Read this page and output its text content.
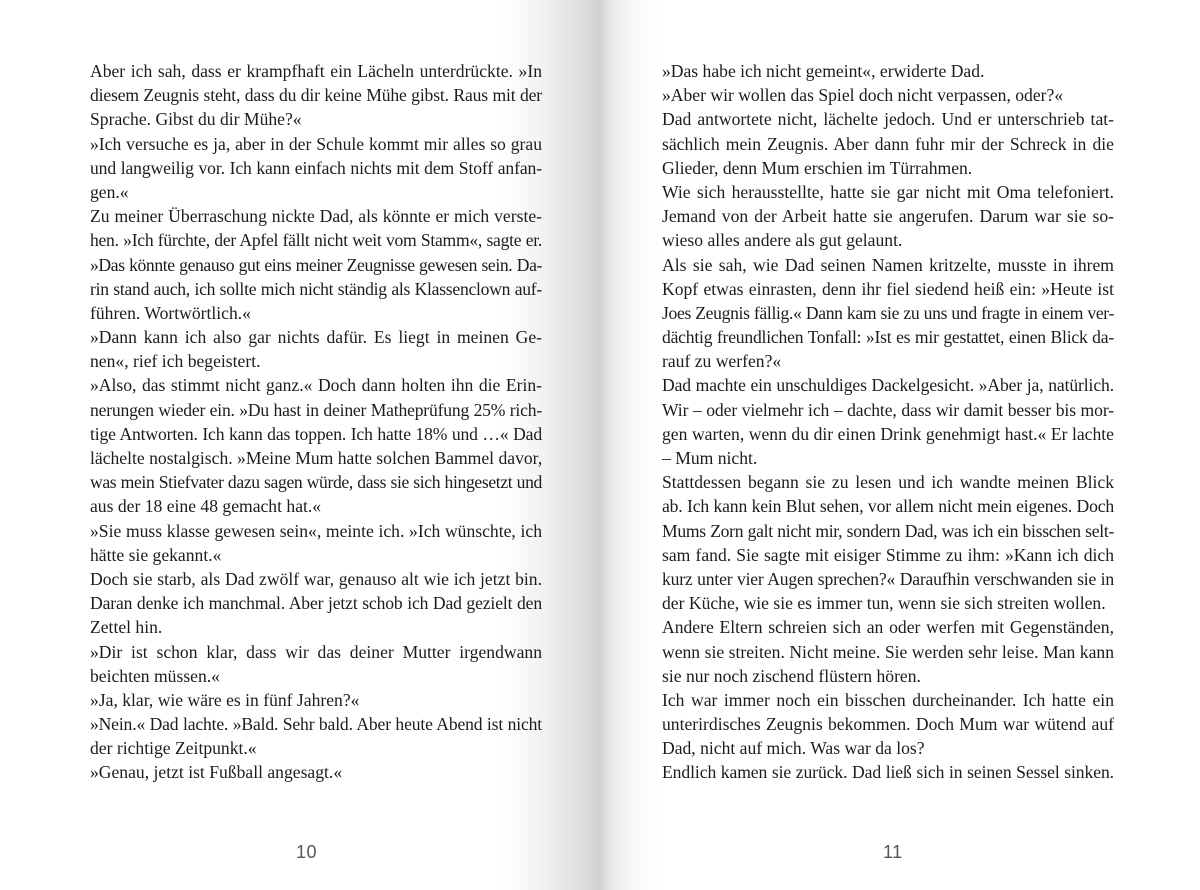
Aber ich sah, dass er krampfhaft ein Lächeln unterdrückte. »In
diesem Zeugnis steht, dass du dir keine Mühe gibst. Raus mit der
Sprache. Gibst du dir Mühe?«
»Ich versuche es ja, aber in der Schule kommt mir alles so grau
und langweilig vor. Ich kann einfach nichts mit dem Stoff anfan-
gen.«
Zu meiner Überraschung nickte Dad, als könnte er mich verste-
hen. »Ich fürchte, der Apfel fällt nicht weit vom Stamm«, sagte er.
»Das könnte genauso gut eins meiner Zeugnisse gewesen sein. Da-
rin stand auch, ich sollte mich nicht ständig als Klassenclown auf-
führen. Wortwörtlich.«
»Dann kann ich also gar nichts dafür. Es liegt in meinen Ge-
nen«, rief ich begeistert.
»Also, das stimmt nicht ganz.« Doch dann holten ihn die Erin-
nerungen wieder ein. »Du hast in deiner Matheprüfung 25% rich-
tige Antworten. Ich kann das toppen. Ich hatte 18% und …« Dad
lächelte nostalgisch. »Meine Mum hatte solchen Bammel davor,
was mein Stiefvater dazu sagen würde, dass sie sich hingesetzt und
aus der 18 eine 48 gemacht hat.«
»Sie muss klasse gewesen sein«, meinte ich. »Ich wünschte, ich
hätte sie gekannt.«
Doch sie starb, als Dad zwölf war, genauso alt wie ich jetzt bin.
Daran denke ich manchmal. Aber jetzt schob ich Dad gezielt den
Zettel hin.
»Dir ist schon klar, dass wir das deiner Mutter irgendwann
beichten müssen.«
»Ja, klar, wie wäre es in fünf Jahren?«
»Nein.« Dad lachte. »Bald. Sehr bald. Aber heute Abend ist nicht
der richtige Zeitpunkt.«
»Genau, jetzt ist Fußball angesagt.«
10
»Das habe ich nicht gemeint«, erwiderte Dad.
»Aber wir wollen das Spiel doch nicht verpassen, oder?«
Dad antwortete nicht, lächelte jedoch. Und er unterschrieb tat-
sächlich mein Zeugnis. Aber dann fuhr mir der Schreck in die
Glieder, denn Mum erschien im Türrahmen.
Wie sich herausstellte, hatte sie gar nicht mit Oma telefoniert.
Jemand von der Arbeit hatte sie angerufen. Darum war sie so-
wieso alles andere als gut gelaunt.
Als sie sah, wie Dad seinen Namen kritzelte, musste in ihrem
Kopf etwas einrasten, denn ihr fiel siedend heiß ein: »Heute ist
Joes Zeugnis fällig.« Dann kam sie zu uns und fragte in einem ver-
dächtig freundlichen Tonfall: »Ist es mir gestattet, einen Blick da-
rauf zu werfen?«
Dad machte ein unschuldiges Dackelgesicht. »Aber ja, natürlich.
Wir – oder vielmehr ich – dachte, dass wir damit besser bis mor-
gen warten, wenn du dir einen Drink genehmigt hast.« Er lachte
– Mum nicht.
Stattdessen begann sie zu lesen und ich wandte meinen Blick
ab. Ich kann kein Blut sehen, vor allem nicht mein eigenes. Doch
Mums Zorn galt nicht mir, sondern Dad, was ich ein bisschen selt-
sam fand. Sie sagte mit eisiger Stimme zu ihm: »Kann ich dich
kurz unter vier Augen sprechen?« Daraufhin verschwanden sie in
der Küche, wie sie es immer tun, wenn sie sich streiten wollen.
Andere Eltern schreien sich an oder werfen mit Gegenständen,
wenn sie streiten. Nicht meine. Sie werden sehr leise. Man kann
sie nur noch zischend flüstern hören.
Ich war immer noch ein bisschen durcheinander. Ich hatte ein
unterirdisches Zeugnis bekommen. Doch Mum war wütend auf
Dad, nicht auf mich. Was war da los?
Endlich kamen sie zurück. Dad ließ sich in seinen Sessel sinken.
11
